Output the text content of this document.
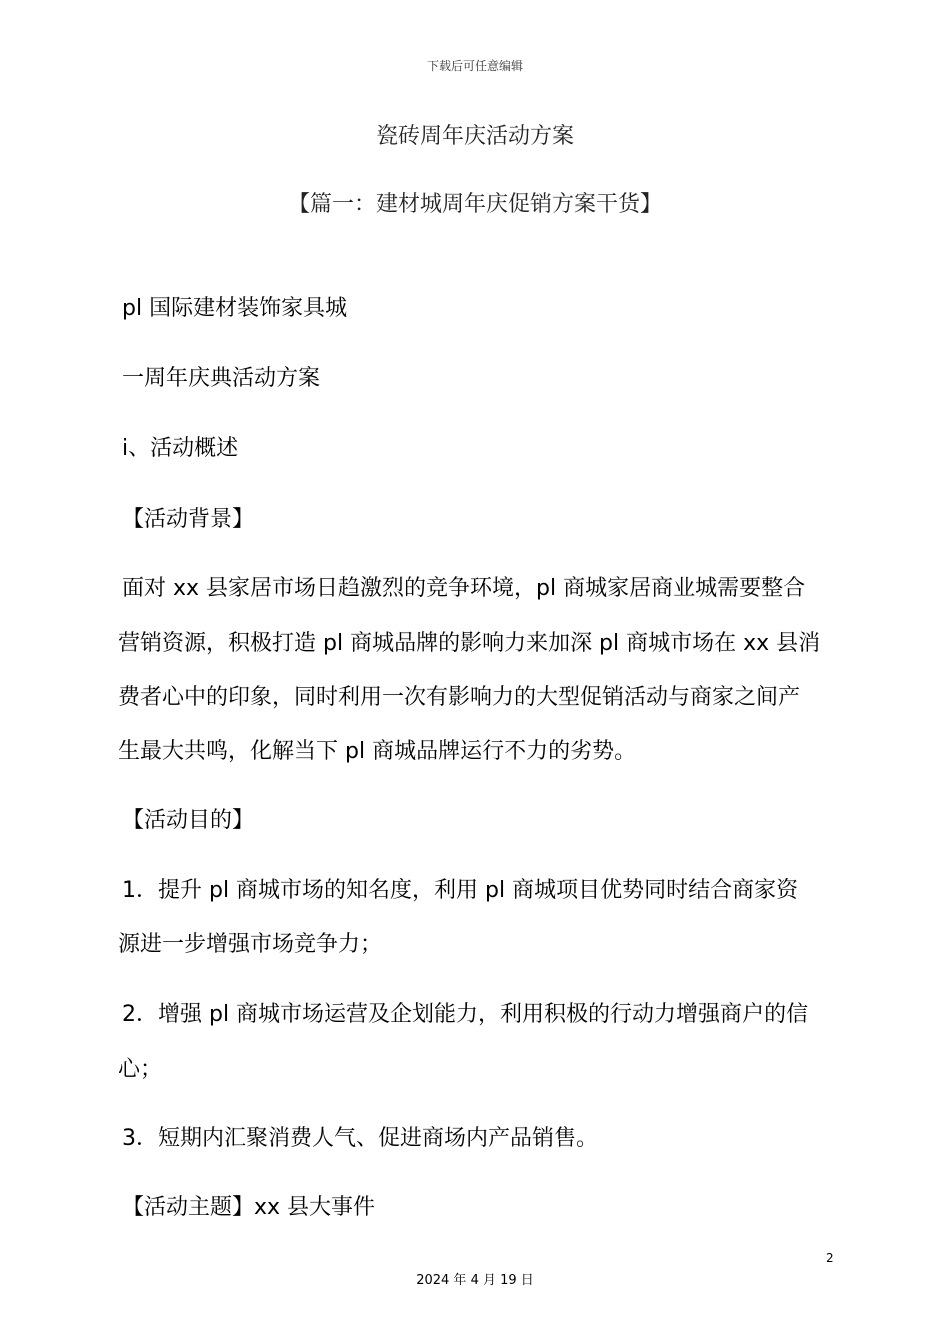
下载后可任意编辑
瓷砖周年庆活动方案
【篇一：建材城周年庆促销方案干货】
pl 国际建材装饰家具城
一周年庆典活动方案
i、活动概述
【活动背景】
面对 xx 县家居市场日趋激烈的竞争环境，pl 商城家居商业城需要整合
营销资源，积极打造 pl 商城品牌的影响力来加深 pl 商城市场在 xx 县消
费者心中的印象，同时利用一次有影响力的大型促销活动与商家之间产
生最大共鸣，化解当下 pl 商城品牌运行不力的劣势。
【活动目的】
1．提升 pl 商城市场的知名度，利用 pl 商城项目优势同时结合商家资
源进一步增强市场竞争力；
2．增强 pl 商城市场运营及企划能力，利用积极的行动力增强商户的信
心；
3．短期内汇聚消费人气、促进商场内产品销售。
【活动主题】xx 县大事件
2
2024 年 4 月 19 日
